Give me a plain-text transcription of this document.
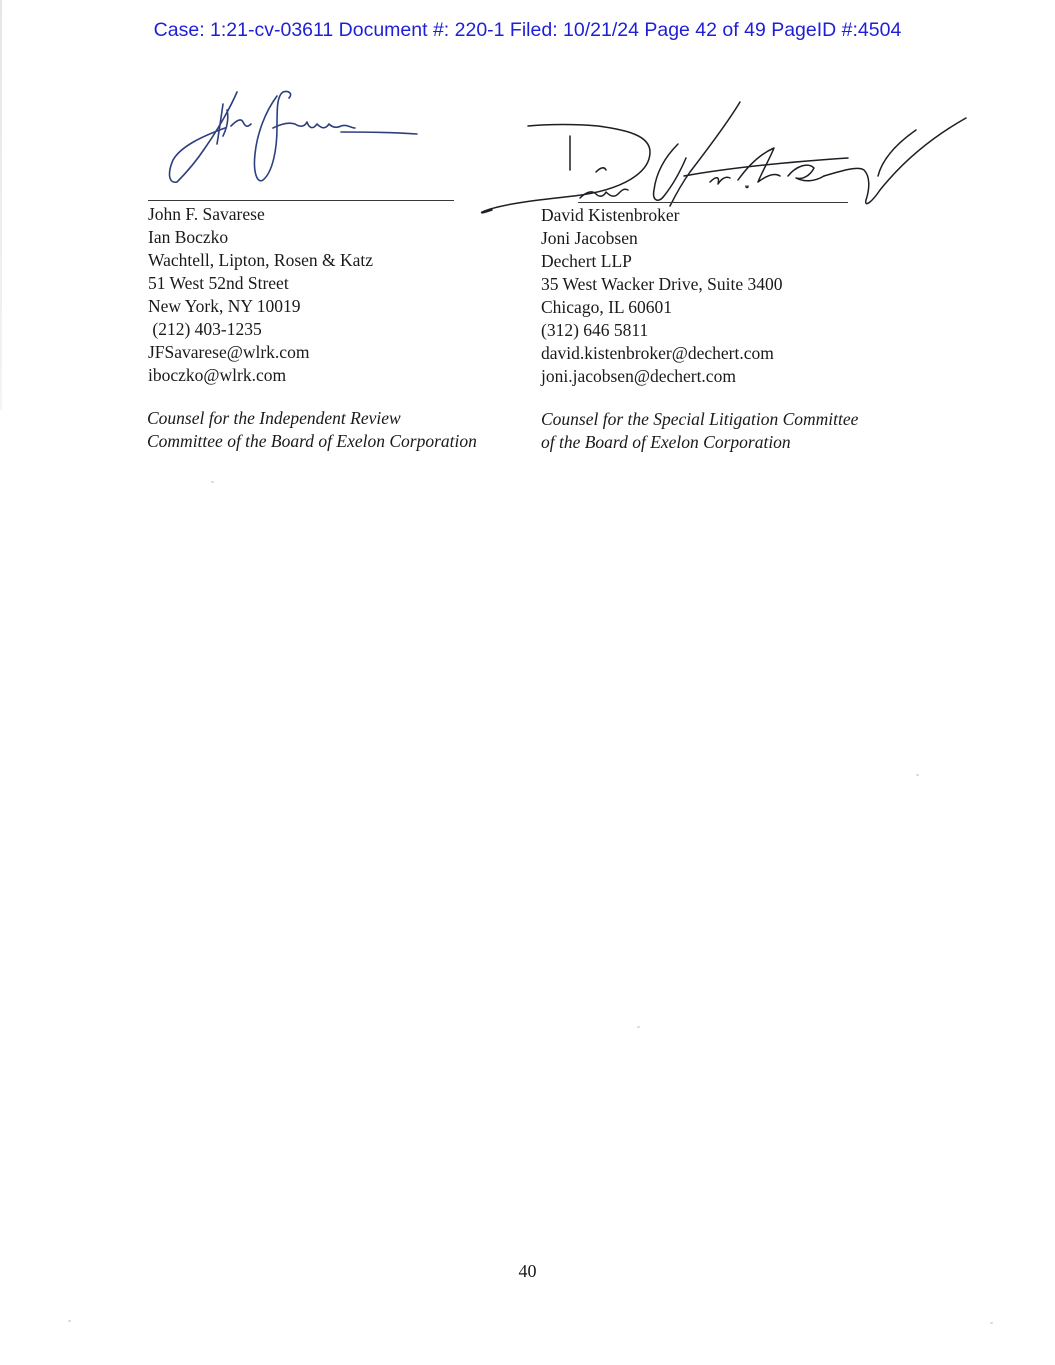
Case: 1:21-cv-03611 Document #: 220-1 Filed: 10/21/24 Page 42 of 49 PageID #:4504
John F. Savarese
Ian Boczko
Wachtell, Lipton, Rosen & Katz
51 West 52nd Street
New York, NY 10019
(212) 403-1235
JFSavarese@wlrk.com
iboczko@wlrk.com
Counsel for the Independent Review
Committee of the Board of Exelon Corporation
David Kistenbroker
Joni Jacobsen
Dechert LLP
35 West Wacker Drive, Suite 3400
Chicago, IL 60601
(312) 646 5811
david.kistenbroker@dechert.com
joni.jacobsen@dechert.com
Counsel for the Special Litigation Committee
of the Board of Exelon Corporation
40
